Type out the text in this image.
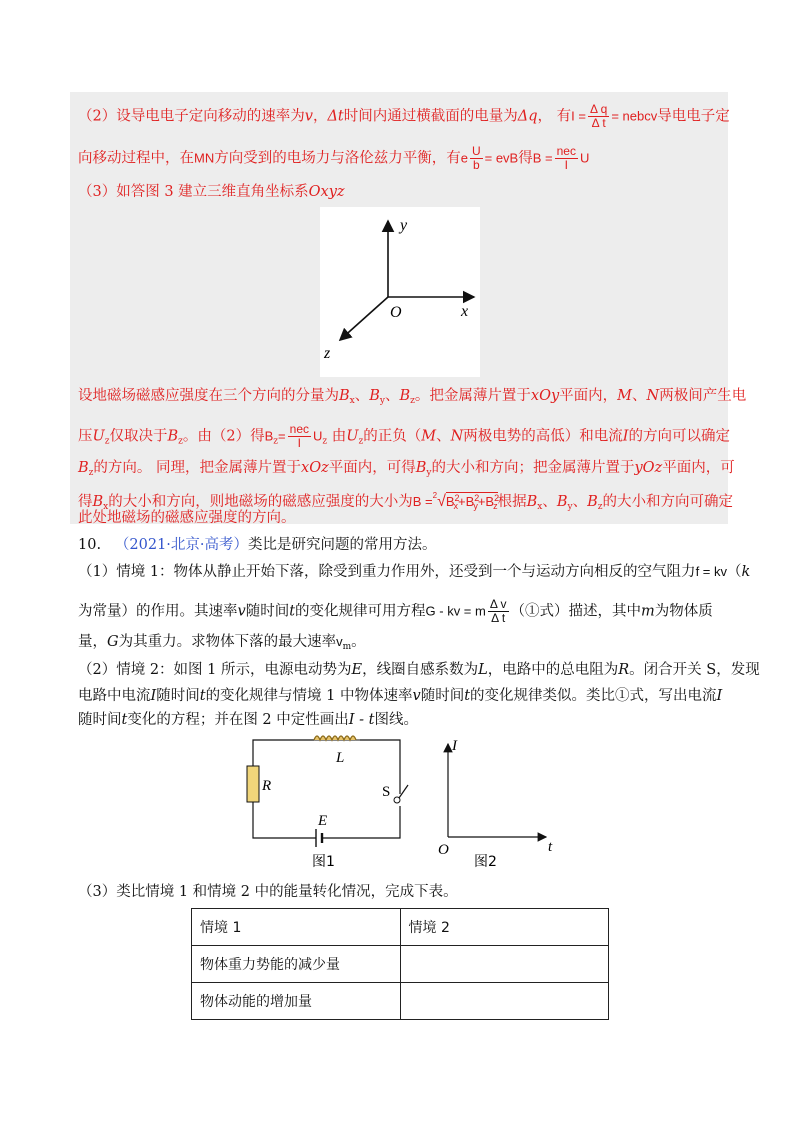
（2）设导电电子定向移动的速率为v，Δt时间内通过横截面的电量为Δq， 有$I = \frac{\text{Δ q}}{\text{Δ t}}$ = nebcv导电电子定
向移动过程中，在MN方向受到的电场力与洛伦兹力平衡，有e $\frac{U}{b}$ = evB得$B = \frac{\text{nec}}{I}$ U
（3）如答图 3 建立三维直角坐标系Oxyz
y
x
z
O
设地磁场磁感应强度在三个方向的分量为$B_x$、$B_y$、$B_z$。把金属薄片置于xOy平面内，M、N两极间产生电
压$U_z$仅取决于$B_z$。由（2）得$B_z= \frac{\text{nec}}{I} U_z$ 由$U_z$的正负（M、N两极电势的高低）和电流I的方向可以确定
$B_z$的方向。 同理，把金属薄片置于xOz平面内，可得$B_y$的大小和方向；把金属薄片置于yOz平面内，可
得$B_x$的大小和方向，则地磁场的磁感应强度的大小为$B =^2√B^2_x+B^2_y+B^2_z$根据$B_x$、$B_y$、$B_z$的大小和方向可确定
此处地磁场的磁感应强度的方向。
10. （2021·北京·高考）类比是研究问题的常用方法。
（1）情境 1：物体从静止开始下落，除受到重力作用外，还受到一个与运动方向相反的空气阻力f = kv（k
为常量）的作用。其速率v随时间t的变化规律可用方程G - kv = m $\frac{\text{Δ v}}{\text{Δ t}}$ （①式）描述，其中m为物体质
量，G为其重力。求物体下落的最大速率$v_m$。
（2）情境 2：如图 1 所示，电源电动势为E，线圈自感系数为L，电路中的总电阻为R。闭合开关 S，发现
电路中电流I随时间t的变化规律与情境 1 中物体速率v随时间t的变化规律类似。类比①式，写出电流I
随时间t变化的方程；并在图 2 中定性画出I - t图线。
L
R	S
E
图1
I
O	t
图2
（3）类比情境 1 和情境 2 中的能量转化情况，完成下表。
情境 1	情境 2
物体重力势能的减少量	
物体动能的增加量	
